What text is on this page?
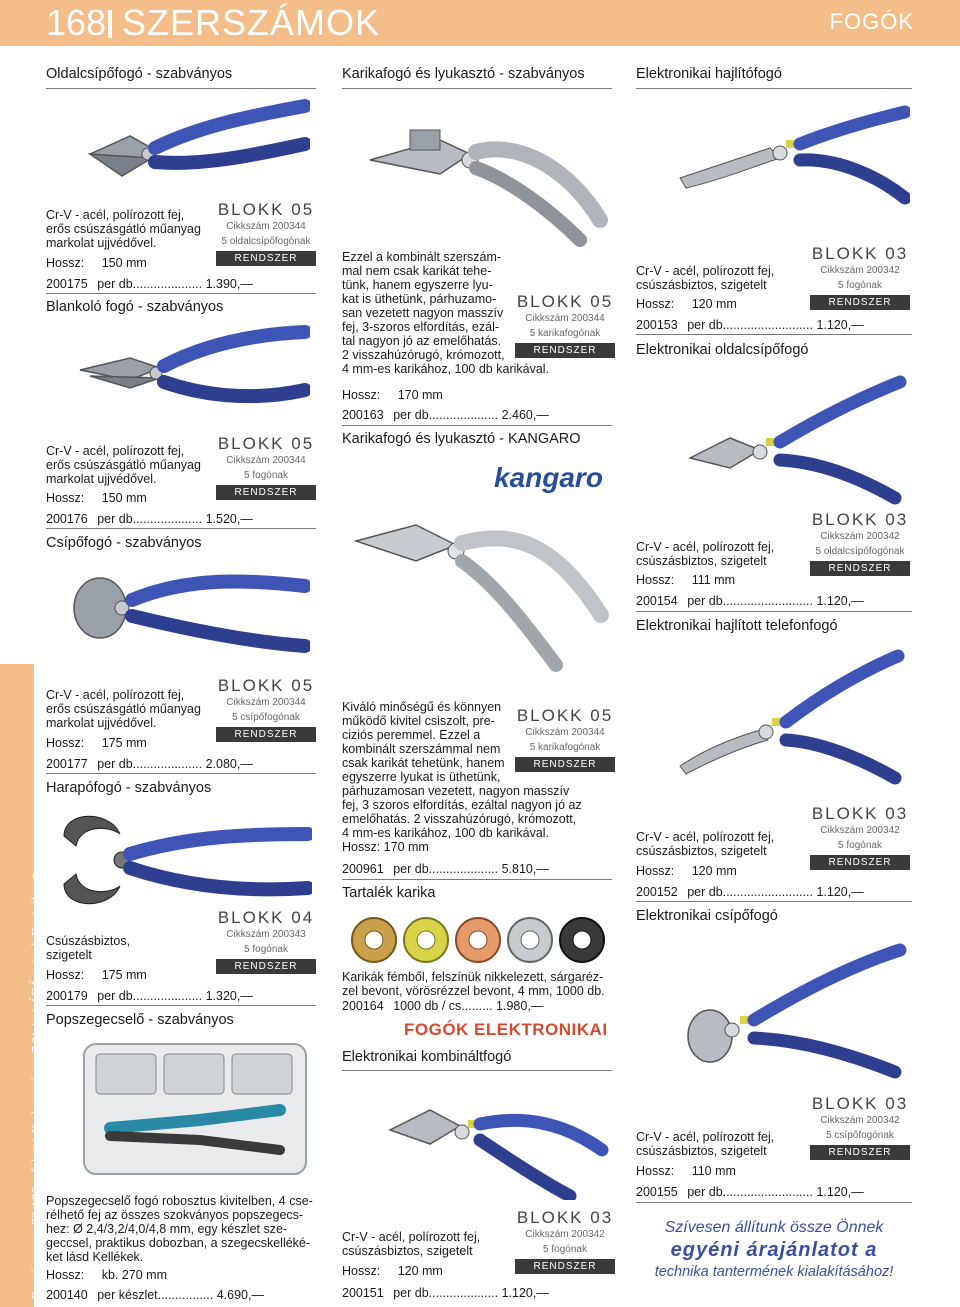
168 SZERSZÁMOK	FOGÓK
Portómentes 23.100,– felett | Kedvezmény –7 %-ig | ÁFÁ-s árak Forintban*
Oldalcsípőfogó - szabványos
Cr-V - acél, polírozott fej,
erős csúszásgátló műanyag
markolat ujjvédővel.
Hossz: 150 mm
200175 per db.................... 1.390,—
BLOKK 05
Cikkszám 200344
5 oldalcsípőfogónak
RENDSZER
Blankoló fogó - szabványos
Cr-V - acél, polírozott fej,
erős csúszásgátló műanyag
markolat ujjvédővel.
Hossz: 150 mm
200176 per db.................... 1.520,—
BLOKK 05
Cikkszám 200344
5 fogónak
RENDSZER
Csípőfogó - szabványos
Cr-V - acél, polírozott fej,
erős csúszásgátló műanyag
markolat ujjvédővel.
Hossz: 175 mm
200177 per db.................... 2.080,—
BLOKK 05
Cikkszám 200344
5 csípőfogónak
RENDSZER
Harapófogó - szabványos
Csúszásbiztos,
szigetelt
Hossz: 175 mm
200179 per db.................... 1.320,—
BLOKK 04
Cikkszám 200343
5 fogónak
RENDSZER
Popszegecselő - szabványos
Popszegecselő fogó robosztus kivitelben, 4 cse-
rélhető fej az összes szokványos popszegecs-
hez: Ø 2,4/3,2/4,0/4,8 mm, egy készlet sze-
geccsel, praktikus dobozban, a szegecskelléké-
ket lásd Kellékek.
Hossz: kb. 270 mm
200140 per készlet................ 4.690,—
Karikafogó és lyukasztó - szabványos
Ezzel a kombinált szerszám-
mal nem csak karikát tehe-
tünk, hanem egyszerre lyu-
kat is üthetünk, párhuzamo-
san vezetett nagyon masszív
fej, 3-szoros elfordítás, ezál-
tal nagyon jó az emelőhatás.
2 visszahúzórugó, krómozott,
4 mm-es karikához, 100 db karikával.
Hossz: 170 mm
200163 per db.................... 2.460,—
BLOKK 05
Cikkszám 200344
5 karikafogónak
RENDSZER
Karikafogó és lyukasztó - KANGARO
kangaro
Kiváló minőségű és könnyen
működő kivitel csiszolt, pre-
ciziós peremmel. Ezzel a
kombinált szerszámmal nem
csak karikát tehetünk, hanem
egyszerre lyukat is üthetünk,
párhuzamosan vezetett, nagyon masszív
fej, 3 szoros elfordítás, ezáltal nagyon jó az
emelőhatás. 2 visszahúzórugó, krómozott,
4 mm-es karikához, 100 db karikával.
Hossz: 170 mm
200961 per db.................... 5.810,—
BLOKK 05
Cikkszám 200344
5 karikafogónak
RENDSZER
Tartalék karika
Karikák fémből, felszínük nikkelezett, sárgaréz-
zel bevont, vörösrézzel bevont, 4 mm, 1000 db.
200164 1000 db / cs......... 1.980,—
FOGÓK ELEKTRONIKAI
Elektronikai kombináltfogó
Cr-V - acél, polírozott fej,
csúszásbiztos, szigetelt
Hossz: 120 mm
200151 per db.................... 1.120,—
BLOKK 03
Cikkszám 200342
5 fogónak
RENDSZER
Elektronikai hajlítófogó
Cr-V - acél, polírozott fej,
csúszásbiztos, szigetelt
Hossz: 120 mm
200153 per db.......................... 1.120,—
BLOKK 03
Cikkszám 200342
5 fogónak
RENDSZER
Elektronikai oldalcsípőfogó
Cr-V - acél, polírozott fej,
csúszásbiztos, szigetelt
Hossz: 111 mm
200154 per db.......................... 1.120,—
BLOKK 03
Cikkszám 200342
5 oldalcsípőfogónak
RENDSZER
Elektronikai hajlított telefonfogó
Cr-V - acél, polírozott fej,
csúszásbiztos, szigetelt
Hossz: 120 mm
200152 per db.......................... 1.120,—
BLOKK 03
Cikkszám 200342
5 fogónak
RENDSZER
Elektronikai csípőfogó
Cr-V - acél, polírozott fej,
csúszásbiztos, szigetelt
Hossz: 110 mm
200155 per db.......................... 1.120,—
BLOKK 03
Cikkszám 200342
5 csípőfogónak
RENDSZER
Szívesen állítunk össze Önnek
egyéni árajánlatot a
technika tantermének kialakításához!
